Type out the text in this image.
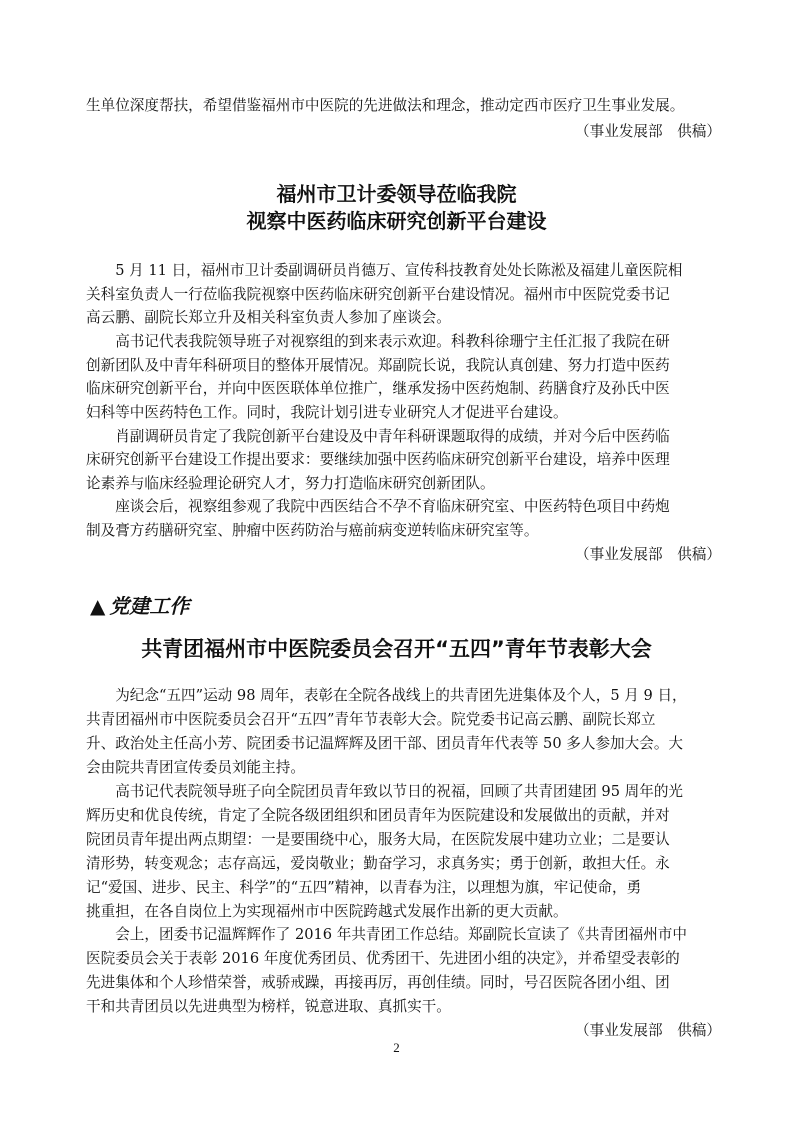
生单位深度帮扶，希望借鉴福州市中医院的先进做法和理念，推动定西市医疗卫生事业发展。
（事业发展部　供稿）
福州市卫计委领导莅临我院
视察中医药临床研究创新平台建设
5 月 11 日，福州市卫计委副调研员肖德万、宣传科技教育处处长陈淞及福建儿童医院相
关科室负责人一行莅临我院视察中医药临床研究创新平台建设情况。福州市中医院党委书记
高云鹏、副院长郑立升及相关科室负责人参加了座谈会。
高书记代表我院领导班子对视察组的到来表示欢迎。科教科徐珊宁主任汇报了我院在研
创新团队及中青年科研项目的整体开展情况。郑副院长说，我院认真创建、努力打造中医药
临床研究创新平台，并向中医医联体单位推广，继承发扬中医药炮制、药膳食疗及孙氏中医
妇科等中医药特色工作。同时，我院计划引进专业研究人才促进平台建设。
肖副调研员肯定了我院创新平台建设及中青年科研课题取得的成绩，并对今后中医药临
床研究创新平台建设工作提出要求：要继续加强中医药临床研究创新平台建设，培养中医理
论素养与临床经验理论研究人才，努力打造临床研究创新团队。
座谈会后，视察组参观了我院中西医结合不孕不育临床研究室、中医药特色项目中药炮
制及膏方药膳研究室、肿瘤中医药防治与癌前病变逆转临床研究室等。
（事业发展部　供稿）
▲ 党建工作
共青团福州市中医院委员会召开“五四”青年节表彰大会
为纪念“五四”运动 98 周年，表彰在全院各战线上的共青团先进集体及个人，5 月 9 日，
共青团福州市中医院委员会召开“五四”青年节表彰大会。院党委书记高云鹏、副院长郑立
升、政治处主任高小芳、院团委书记温辉辉及团干部、团员青年代表等 50 多人参加大会。大
会由院共青团宣传委员刘能主持。
高书记代表院领导班子向全院团员青年致以节日的祝福，回顾了共青团建团 95 周年的光
辉历史和优良传统，肯定了全院各级团组织和团员青年为医院建设和发展做出的贡献，并对
院团员青年提出两点期望：一是要围绕中心，服务大局，在医院发展中建功立业；二是要认
清形势，转变观念；志存高远，爱岗敬业；勤奋学习，求真务实；勇于创新，敢担大任。永
记“爱国、进步、民主、科学”的“五四”精神，以青春为注，以理想为旗，牢记使命，勇
挑重担，在各自岗位上为实现福州市中医院跨越式发展作出新的更大贡献。
会上，团委书记温辉辉作了 2016 年共青团工作总结。郑副院长宣读了《共青团福州市中
医院委员会关于表彰 2016 年度优秀团员、优秀团干、先进团小组的决定》，并希望受表彰的
先进集体和个人珍惜荣誉，戒骄戒躁，再接再厉，再创佳绩。同时，号召医院各团小组、团
干和共青团员以先进典型为榜样，锐意进取、真抓实干。
（事业发展部　供稿）
2
